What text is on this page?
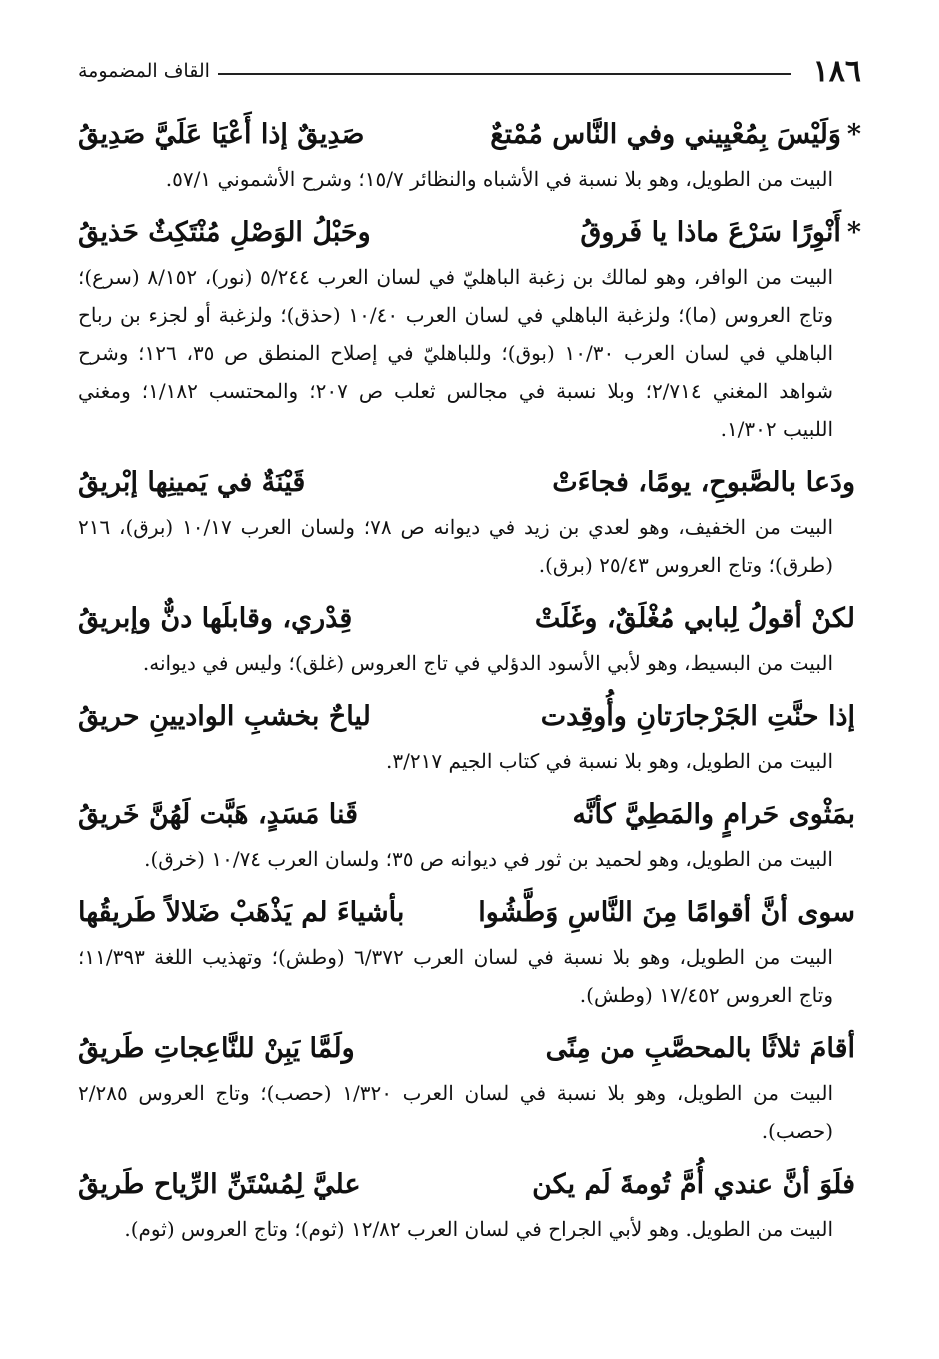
١٨٦
القاف المضمومة
*وَلَيْسَ بِمُعْيِيني وفي النَّاس مُمْتعٌ
صَدِيقٌ إذا أَعْيَا عَلَيَّ صَدِيقُ
البيت من الطويل، وهو بلا نسبة في الأشباه والنظائر ١٥/٧؛ وشرح الأشموني ٥٧/١.
*أَنْوِرًا سَرْعَ ماذا يا فَروقُ
وحَبْلُ الوَصْلِ مُنْتَكِثٌ حَذيقُ
البيت من الوافر، وهو لمالك بن زغبة الباهليّ في لسان العرب ٥/٢٤٤ (نور)، ٨/١٥٢ (سرع)؛ وتاج العروس (ما)؛ ولزغبة الباهلي في لسان العرب ١٠/٤٠ (حذق)؛ ولزغبة أو لجزء بن رباح الباهلي في لسان العرب ١٠/٣٠ (بوق)؛ وللباهليّ في إصلاح المنطق ص ٣٥، ١٢٦؛ وشرح شواهد المغني ٢/٧١٤؛ وبلا نسبة في مجالس ثعلب ص ٢٠٧؛ والمحتسب ١/١٨٢؛ ومغني اللبيب ١/٣٠٢.
ودَعا بالصَّبوحِ، يومًا، فجاءَتْ
قَيْنَةٌ في يَمينِها إبْريقُ
البيت من الخفيف، وهو لعدي بن زيد في ديوانه ص ٧٨؛ ولسان العرب ١٠/١٧ (برق)، ٢١٦ (طرق)؛ وتاج العروس ٢٥/٤٣ (برق).
لكنْ أقولُ لِبابي مُغْلَقٌ، وغَلَتْ
قِدْري، وقابلَها دنٌّ وإبريقُ
البيت من البسيط، وهو لأبي الأسود الدؤلي في تاج العروس (غلق)؛ وليس في ديوانه.
إذا حنَّتِ الجَرْجارَتانِ وأُوقِدت
لياحٌ بخشبِ الواديينِ حريقُ
البيت من الطويل، وهو بلا نسبة في كتاب الجيم ٣/٢١٧.
بمَثْوى حَرامٍ والمَطِيَّ كأنَّه
قَنا مَسَدٍ، هَبَّت لَهُنَّ خَريقُ
البيت من الطويل، وهو لحميد بن ثور في ديوانه ص ٣٥؛ ولسان العرب ١٠/٧٤ (خرق).
سوى أنَّ أقوامًا مِنَ النَّاسِ وَطَّشُوا
بأشياءَ لم يَذْهَبْ ضَلالاً طَريقُها
البيت من الطويل، وهو بلا نسبة في لسان العرب ٦/٣٧٢ (وطش)؛ وتهذيب اللغة ١١/٣٩٣؛ وتاج العروس ١٧/٤٥٢ (وطش).
أقامَ ثلاثًا بالمحصَّبِ من مِنًى
ولَمَّا يَبِنْ للنَّاعِجاتِ طَريقُ
البيت من الطويل، وهو بلا نسبة في لسان العرب ١/٣٢٠ (حصب)؛ وتاج العروس ٢/٢٨٥ (حصب).
فلَوَ أنَّ عندي أُمَّ تُومةَ لَم يكن
عليَّ لِمُسْتَنِّ الرِّياح طَريقُ
البيت من الطويل. وهو لأبي الجراح في لسان العرب ١٢/٨٢ (ثوم)؛ وتاج العروس (ثوم).
